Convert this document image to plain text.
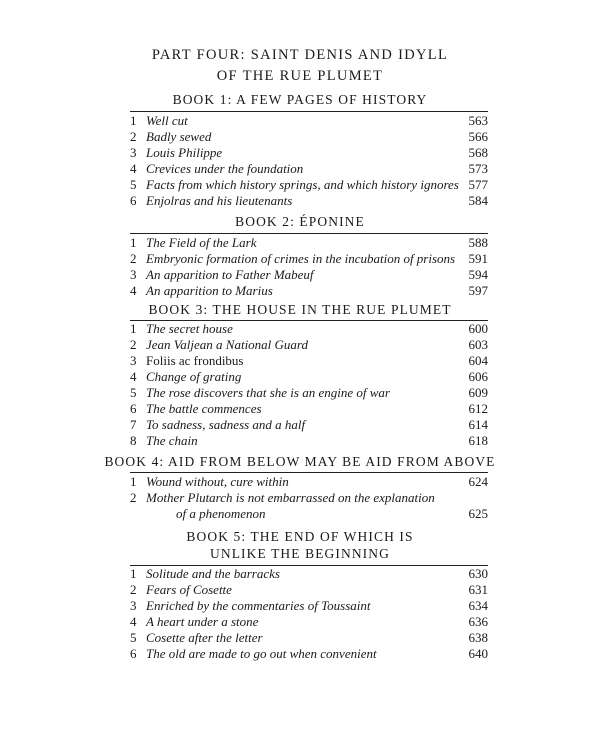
PART FOUR: SAINT DENIS AND IDYLL
OF THE RUE PLUMET
BOOK 1: A FEW PAGES OF HISTORY
1 Well cut	563
2 Badly sewed	566
3 Louis Philippe	568
4 Crevices under the foundation	573
5 Facts from which history springs, and which history ignores 577
6 Enjolras and his lieutenants	584
BOOK 2: ÉPONINE
1 The Field of the Lark	588
2 Embryonic formation of crimes in the incubation of prisons 591
3 An apparition to Father Mabeuf	594
4 An apparition to Marius	597
BOOK 3: THE HOUSE IN THE RUE PLUMET
1 The secret house	600
2 Jean Valjean a National Guard	603
3 Foliis ac frondibus	604
4 Change of grating	606
5 The rose discovers that she is an engine of war	609
6 The battle commences	612
7 To sadness, sadness and a half	614
8 The chain	618
BOOK 4: AID FROM BELOW MAY BE AID FROM ABOVE
1 Wound without, cure within	624
2 Mother Plutarch is not embarrassed on the explanation
of a phenomenon	625
BOOK 5: THE END OF WHICH IS
UNLIKE THE BEGINNING
1 Solitude and the barracks	630
2 Fears of Cosette	631
3 Enriched by the commentaries of Toussaint	634
4 A heart under a stone	636
5 Cosette after the letter	638
6 The old are made to go out when convenient	640
